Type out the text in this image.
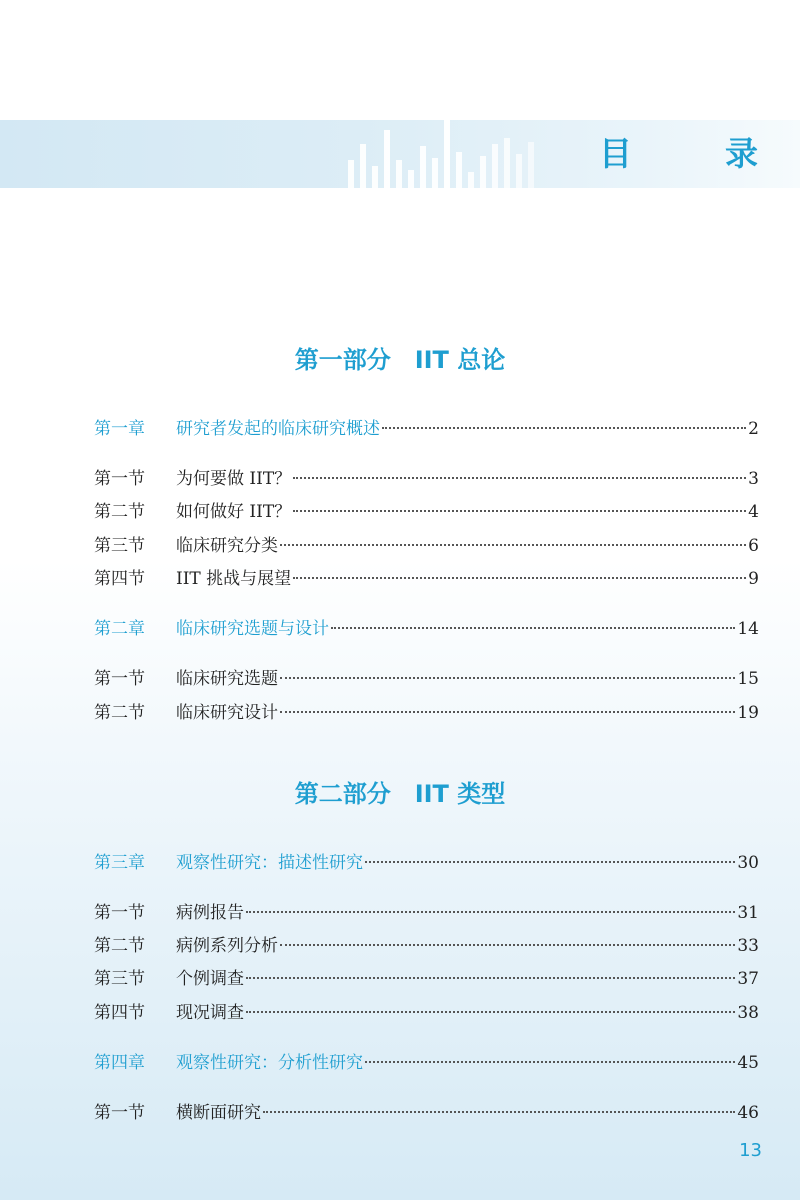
目　录
第一部分　IIT 总论
第一章	研究者发起的临床研究概述	2
第一节	为何要做 IIT？	3
第二节	如何做好 IIT？	4
第三节	临床研究分类	6
第四节	IIT 挑战与展望	9
第二章	临床研究选题与设计	14
第一节	临床研究选题	15
第二节	临床研究设计	19
第二部分　IIT 类型
第三章	观察性研究：描述性研究	30
第一节	病例报告	31
第二节	病例系列分析	33
第三节	个例调查	37
第四节	现况调查	38
第四章	观察性研究：分析性研究	45
第一节	横断面研究	46
13
